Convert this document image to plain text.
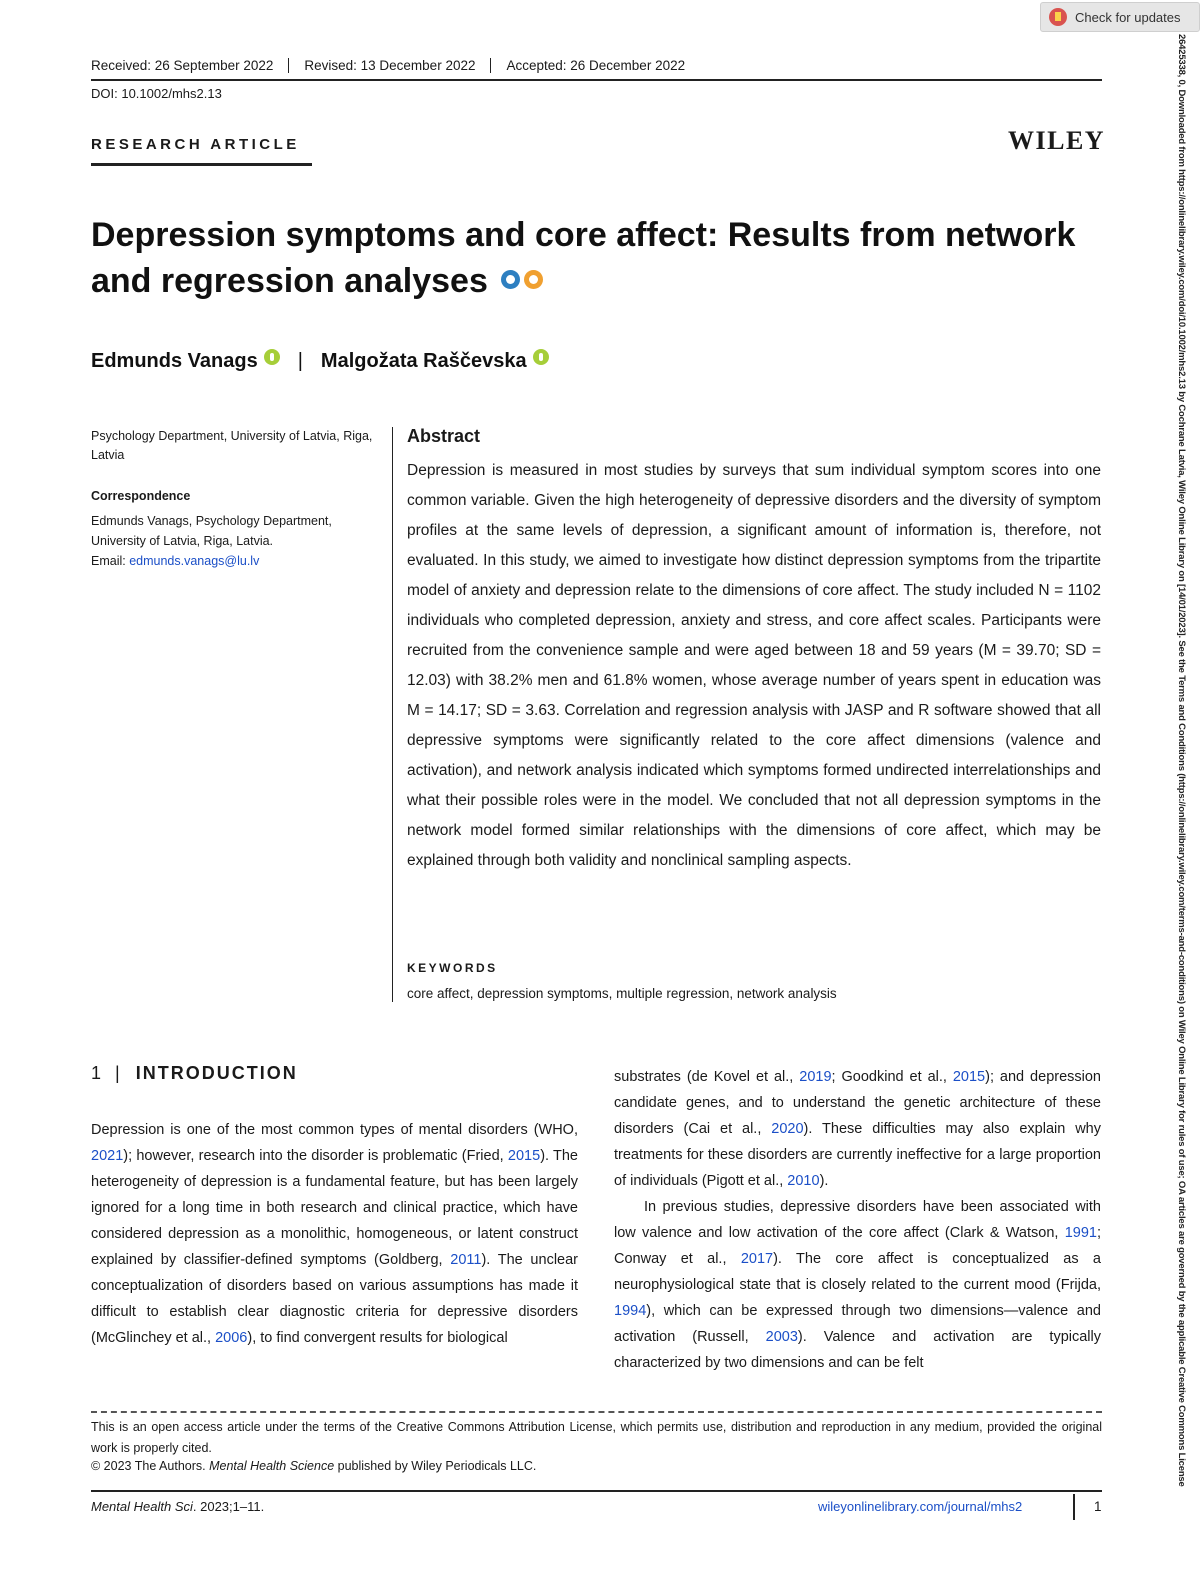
Check for updates
26425338, 0, Downloaded from https://onlinelibrary.wiley.com/doi/10.1002/mhs2.13 by Cochrane Latvia, Wiley Online Library on [14/01/2023]. See the Terms and Conditions (https://onlinelibrary.wiley.com/terms-and-conditions) on Wiley Online Library for rules of use; OA articles are governed by the applicable Creative Commons License
Received: 26 September 2022	Revised: 13 December 2022	Accepted: 26 December 2022
DOI: 10.1002/mhs2.13
RESEARCH ARTICLE	WILEY
Depression symptoms and core affect: Results from network and regression analyses
Edmunds Vanags | Malgožata Raščevska
Psychology Department, University of Latvia, Riga, Latvia
Correspondence
Edmunds Vanags, Psychology Department, University of Latvia, Riga, Latvia.
Email: edmunds.vanags@lu.lv
Abstract
Depression is measured in most studies by surveys that sum individual symptom scores into one common variable. Given the high heterogeneity of depressive disorders and the diversity of symptom profiles at the same levels of depression, a significant amount of information is, therefore, not evaluated. In this study, we aimed to investigate how distinct depression symptoms from the tripartite model of anxiety and depression relate to the dimensions of core affect. The study included N = 1102 individuals who completed depression, anxiety and stress, and core affect scales. Participants were recruited from the convenience sample and were aged between 18 and 59 years (M = 39.70; SD = 12.03) with 38.2% men and 61.8% women, whose average number of years spent in education was M = 14.17; SD = 3.63. Correlation and regression analysis with JASP and R software showed that all depressive symptoms were significantly related to the core affect dimensions (valence and activation), and network analysis indicated which symptoms formed undirected interrelationships and what their possible roles were in the model. We concluded that not all depression symptoms in the network model formed similar relationships with the dimensions of core affect, which may be explained through both validity and nonclinical sampling aspects.
KEYWORDS
core affect, depression symptoms, multiple regression, network analysis
1 | INTRODUCTION
Depression is one of the most common types of mental disorders (WHO, 2021); however, research into the disorder is problematic (Fried, 2015). The heterogeneity of depression is a fundamental feature, but has been largely ignored for a long time in both research and clinical practice, which have considered depression as a monolithic, homogeneous, or latent construct explained by classifier-defined symptoms (Goldberg, 2011). The unclear conceptualization of disorders based on various assumptions has made it difficult to establish clear diagnostic criteria for depressive disorders (McGlinchey et al., 2006), to find convergent results for biological

substrates (de Kovel et al., 2019; Goodkind et al., 2015); and depression candidate genes, and to understand the genetic architecture of these disorders (Cai et al., 2020). These difficulties may also explain why treatments for these disorders are currently ineffective for a large proportion of individuals (Pigott et al., 2010).

In previous studies, depressive disorders have been associated with low valence and low activation of the core affect (Clark & Watson, 1991; Conway et al., 2017). The core affect is conceptualized as a neurophysiological state that is closely related to the current mood (Frijda, 1994), which can be expressed through two dimensions—valence and activation (Russell, 2003). Valence and activation are typically characterized by two dimensions and can be felt

This is an open access article under the terms of the Creative Commons Attribution License, which permits use, distribution and reproduction in any medium, provided the original work is properly cited.
© 2023 The Authors. Mental Health Science published by Wiley Periodicals LLC.
Mental Health Sci. 2023;1–11.	wileyonlinelibrary.com/journal/mhs2	1
